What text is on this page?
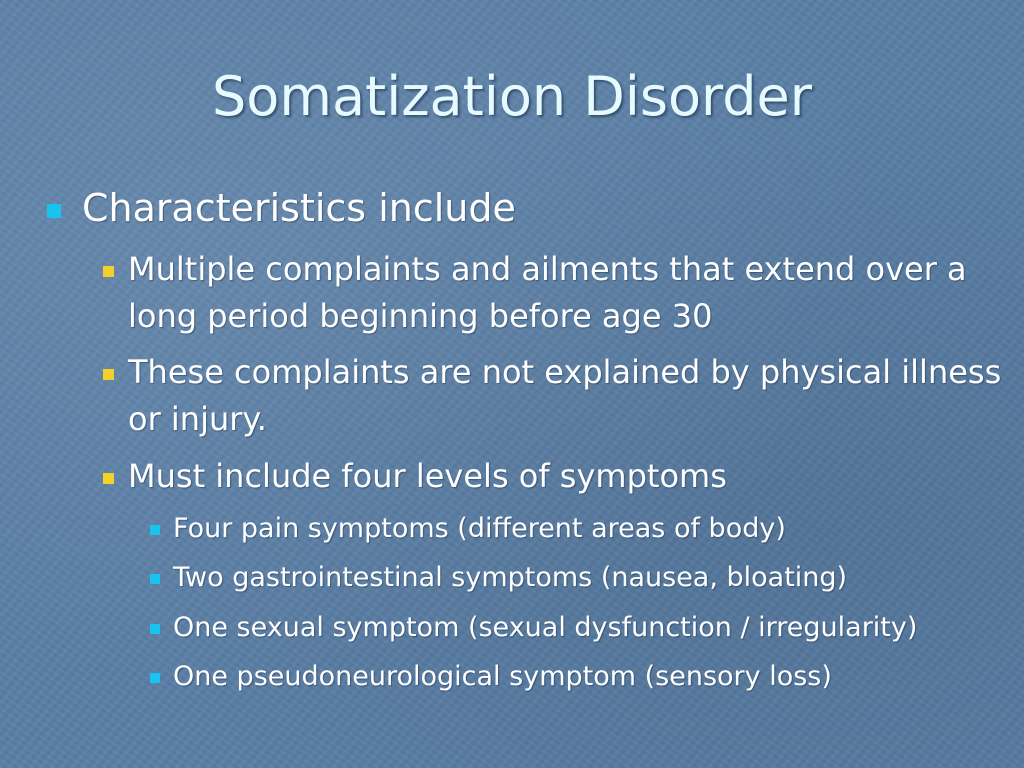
Somatization Disorder
Characteristics include
Multiple complaints and ailments that extend over a long period beginning before age 30
These complaints are not explained by physical illness or injury.
Must include four levels of symptoms
Four pain symptoms (different areas of body)
Two gastrointestinal symptoms (nausea, bloating)
One sexual symptom (sexual dysfunction / irregularity)
One pseudoneurological symptom (sensory loss)
